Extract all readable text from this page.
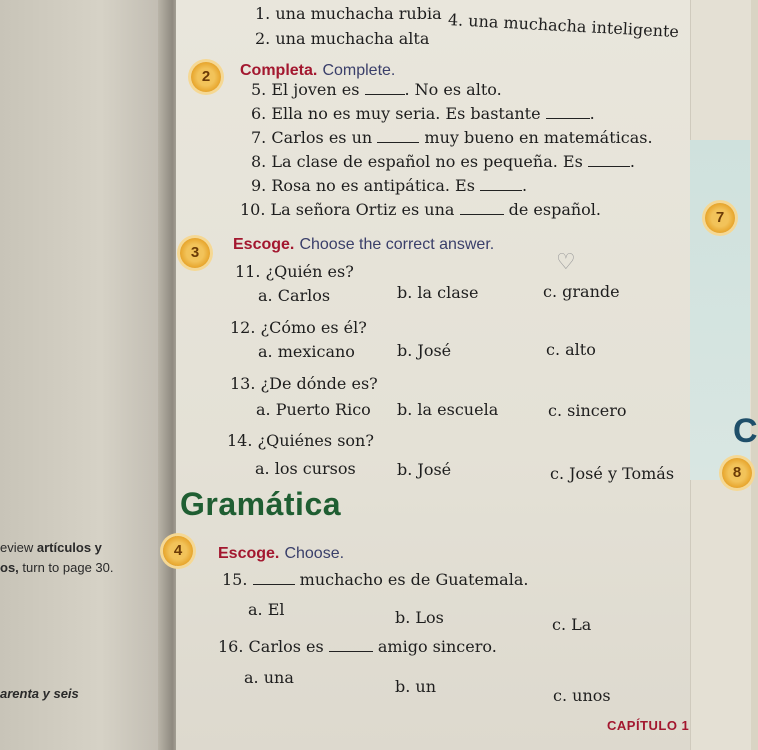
1. una muchacha rubia
2. una muchacha alta 4. una muchacha inteligente
2	Completa. Complete.
5. El joven es	. No es alto.
6. Ella no es muy seria. Es bastante	.
7. Carlos es un	muy bueno en matemáticas.
8. La clase de español no es pequeña. Es	.
9. Rosa no es antipática. Es	.
10. La señora Ortiz es una	de español.
3	Escoge. Choose the correct answer.
♡
11. ¿Quién es?
a. Carlos	b. la clase	c. grande
12. ¿Cómo es él?
a. mexicano	b. José	c. alto
13. ¿De dónde es?
a. Puerto Rico b. la escuela	c. sincero
14. ¿Quiénes son?
a. los cursos	b. José	c. José y Tomás
Gramática
4	Escoge. Choose.
15.	muchacho es de Guatemala.
a. El	b. Los	c. La
16. Carlos es	amigo sincero.
a. una	b. un	c. unos
eview artículos y
os, turn to page 30.
arenta y seis
7
C
8
CAPÍTULO 1
